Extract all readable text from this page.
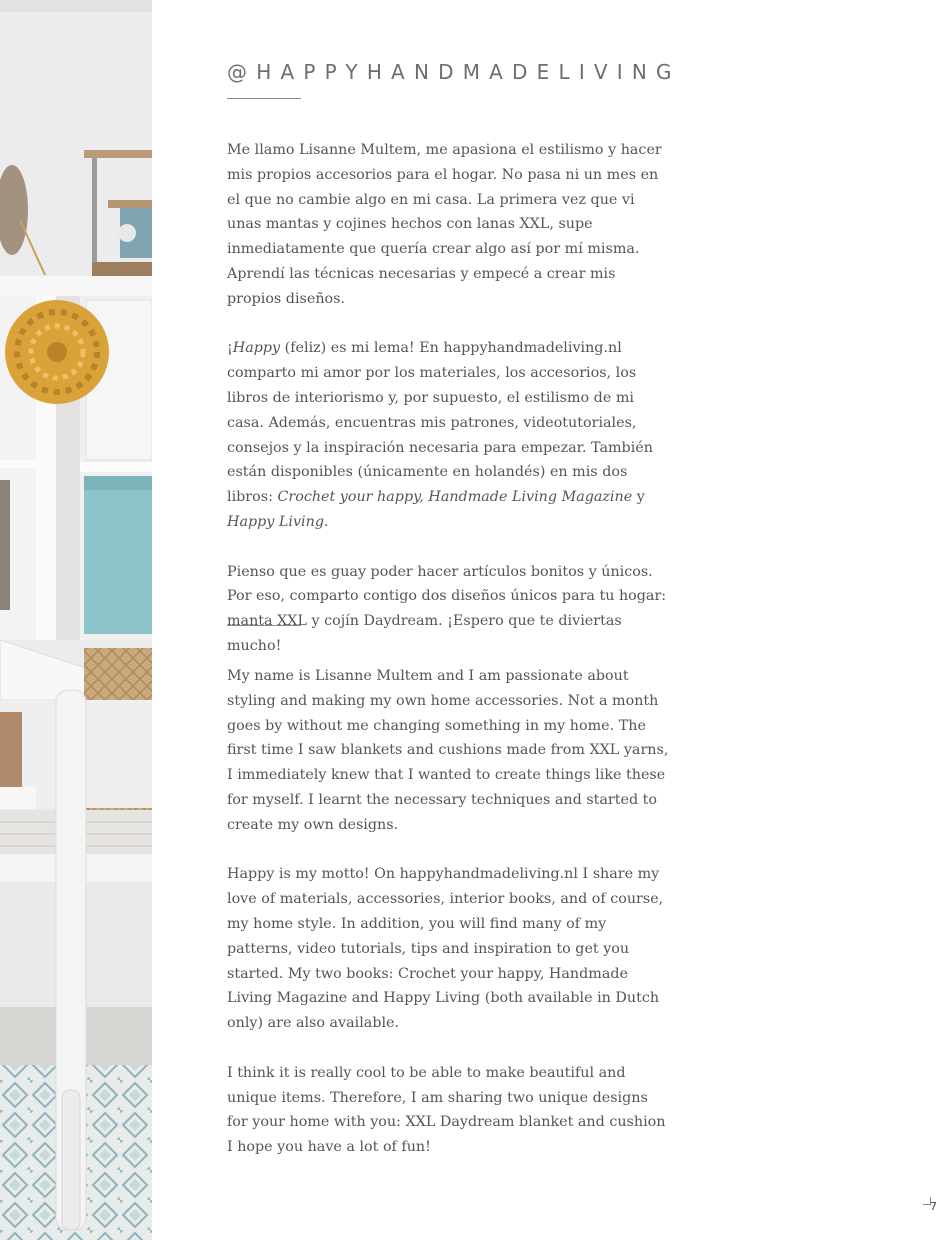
@HAPPYHANDMADELIVING

Me llamo Lisanne Multem, me apasiona el estilismo y hacer mis propios accesorios para el hogar. No pasa ni un mes en el que no cambie algo en mi casa. La primera vez que vi unas mantas y cojines hechos con lanas XXL, supe inmediatamente que quería crear algo así por mí misma. Aprendí las técnicas necesarias y empecé a crear mis propios diseños.

¡Happy (feliz) es mi lema! En happyhandmadeliving.nl comparto mi amor por los materiales, los accesorios, los libros de interiorismo y, por supuesto, el estilismo de mi casa. Además, encuentras mis patrones, videotutoriales, consejos y la inspiración necesaria para empezar. También están disponibles (únicamente en holandés) en mis dos libros: Crochet your happy, Handmade Living Magazine y Happy Living.

Pienso que es guay poder hacer artículos bonitos y únicos. Por eso, comparto contigo dos diseños únicos para tu hogar: manta XXL y cojín Daydream. ¡Espero que te diviertas mucho!

My name is Lisanne Multem and I am passionate about styling and making my own home accessories. Not a month goes by without me changing something in my home. The first time I saw blankets and cushions made from XXL yarns, I immediately knew that I wanted to create things like these for myself. I learnt the necessary techniques and started to create my own designs.

Happy is my motto! On happyhandmadeliving.nl I share my love of materials, accessories, interior books, and of course, my home style. In addition, you will find many of my patterns, video tutorials, tips and inspiration to get you started. My two books: Crochet your happy, Handmade Living Magazine and Happy Living (both available in Dutch only) are also available.

I think it is really cool to be able to make beautiful and unique items. Therefore, I am sharing two unique designs for your home with you: XXL Daydream blanket and cushion I hope you have a lot of fun!

7
